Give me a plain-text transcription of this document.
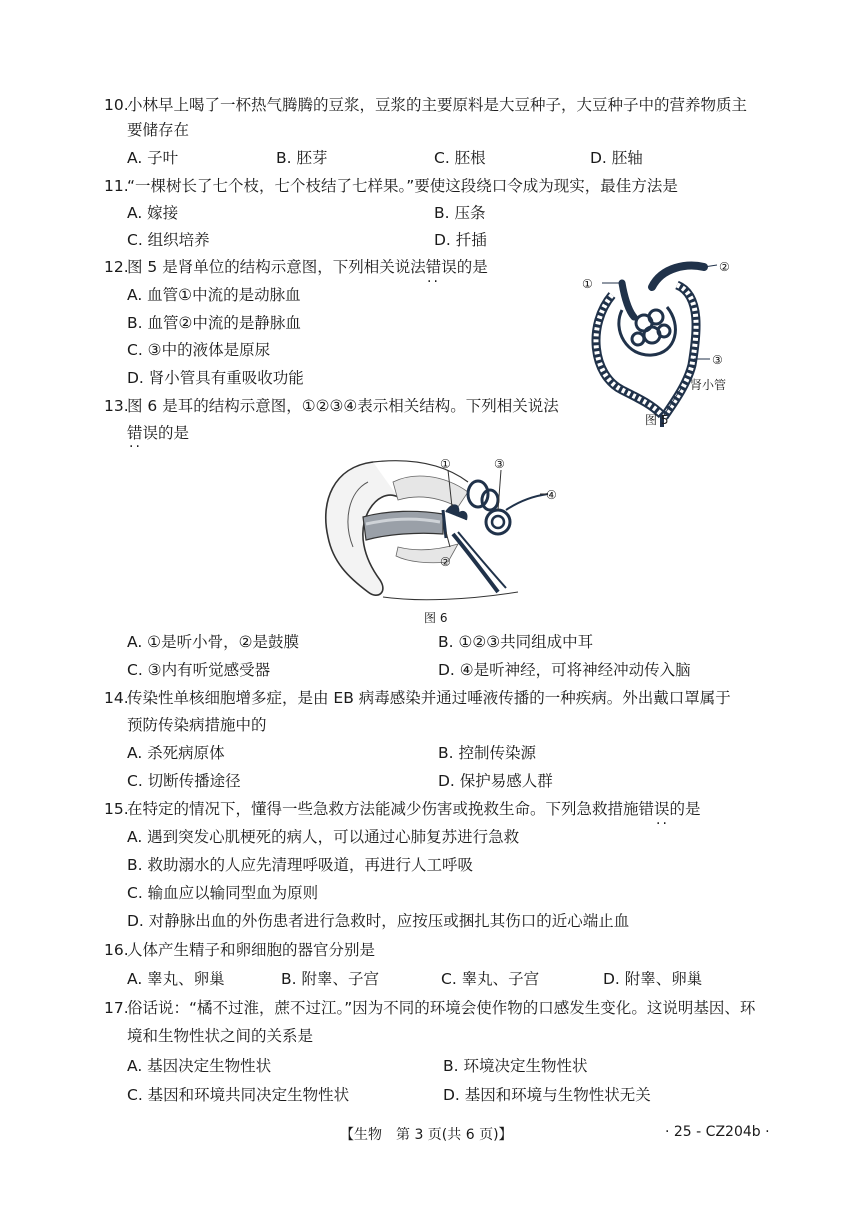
10.
小林早上喝了一杯热气腾腾的豆浆，豆浆的主要原料是大豆种子，大豆种子中的营养物质主
要储存在
A. 子叶	B. 胚芽	C. 胚根	D. 胚轴
11.
“一棵树长了七个枝，七个枝结了七样果。”要使这段绕口令成为现实，最佳方法是
A. 嫁接	B. 压条
C. 组织培养	D. 扦插
12.
图 5 是肾单位的结构示意图，下列相关说法错误的是
··
A. 血管①中流的是动脉血
B. 血管②中流的是静脉血
C. ③中的液体是原尿
D. 肾小管具有重吸收功能
①
②
③
肾小管
图 5
13.
图 6 是耳的结构示意图，①②③④表示相关结构。下列相关说法
错误的是
··
①
②
③
④
图 6
A. ①是听小骨，②是鼓膜	B. ①②③共同组成中耳
C. ③内有听觉感受器	D. ④是听神经，可将神经冲动传入脑
14.
传染性单核细胞增多症，是由 EB 病毒感染并通过唾液传播的一种疾病。外出戴口罩属于
预防传染病措施中的
A. 杀死病原体	B. 控制传染源
C. 切断传播途径	D. 保护易感人群
15.
在特定的情况下，懂得一些急救方法能减少伤害或挽救生命。下列急救措施错误的是
··
A. 遇到突发心肌梗死的病人，可以通过心肺复苏进行急救
B. 救助溺水的人应先清理呼吸道，再进行人工呼吸
C. 输血应以输同型血为原则
D. 对静脉出血的外伤患者进行急救时，应按压或捆扎其伤口的近心端止血
16.
人体产生精子和卵细胞的器官分别是
A. 睾丸、卵巢	B. 附睾、子宫	C. 睾丸、子宫	D. 附睾、卵巢
17.
俗话说：“橘不过淮，蔗不过江。”因为不同的环境会使作物的口感发生变化。这说明基因、环
境和生物性状之间的关系是
A. 基因决定生物性状	B. 环境决定生物性状
C. 基因和环境共同决定生物性状	D. 基因和环境与生物性状无关
【生物　第 3 页(共 6 页)】	· 25 - CZ204b ·
